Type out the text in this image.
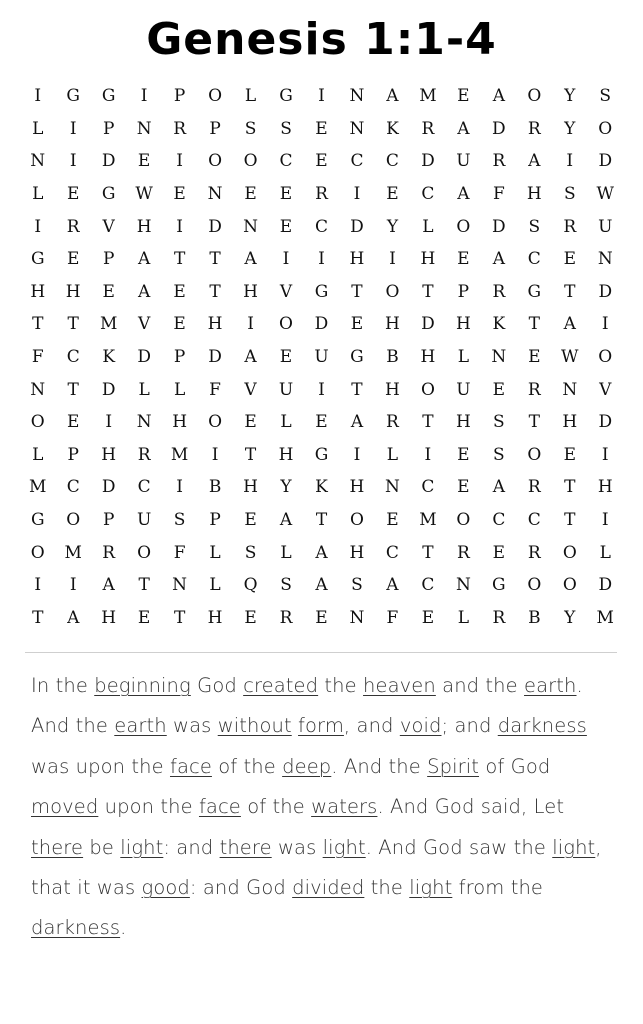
Genesis 1:1-4
I	G	G	I	P	O	L	G	I	N	A	M	E	A	O	Y	S
L	I	P	N	R	P	S	S	E	N	K	R	A	D	R	Y	O
N	I	D	E	I	O	O	C	E	C	C	D	U	R	A	I	D
L	E	G	W	E	N	E	E	R	I	E	C	A	F	H	S	W
I	R	V	H	I	D	N	E	C	D	Y	L	O	D	S	R	U
G	E	P	A	T	T	A	I	I	H	I	H	E	A	C	E	N
H	H	E	A	E	T	H	V	G	T	O	T	P	R	G	T	D
T	T	M	V	E	H	I	O	D	E	H	D	H	K	T	A	I
F	C	K	D	P	D	A	E	U	G	B	H	L	N	E	W	O
N	T	D	L	L	F	V	U	I	T	H	O	U	E	R	N	V
O	E	I	N	H	O	E	L	E	A	R	T	H	S	T	H	D
L	P	H	R	M	I	T	H	G	I	L	I	E	S	O	E	I
M	C	D	C	I	B	H	Y	K	H	N	C	E	A	R	T	H
G	O	P	U	S	P	E	A	T	O	E	M	O	C	C	T	I
O	M	R	O	F	L	S	L	A	H	C	T	R	E	R	O	L
I	I	A	T	N	L	Q	S	A	S	A	C	N	G	O	O	D
T	A	H	E	T	H	E	R	E	N	F	E	L	R	B	Y	M
In the beginning God created the heaven and the earth. And the earth was without form, and void; and darkness was upon the face of the deep. And the Spirit of God moved upon the face of the waters. And God said, Let there be light: and there was light. And God saw the light, that it was good: and God divided the light from the darkness.
